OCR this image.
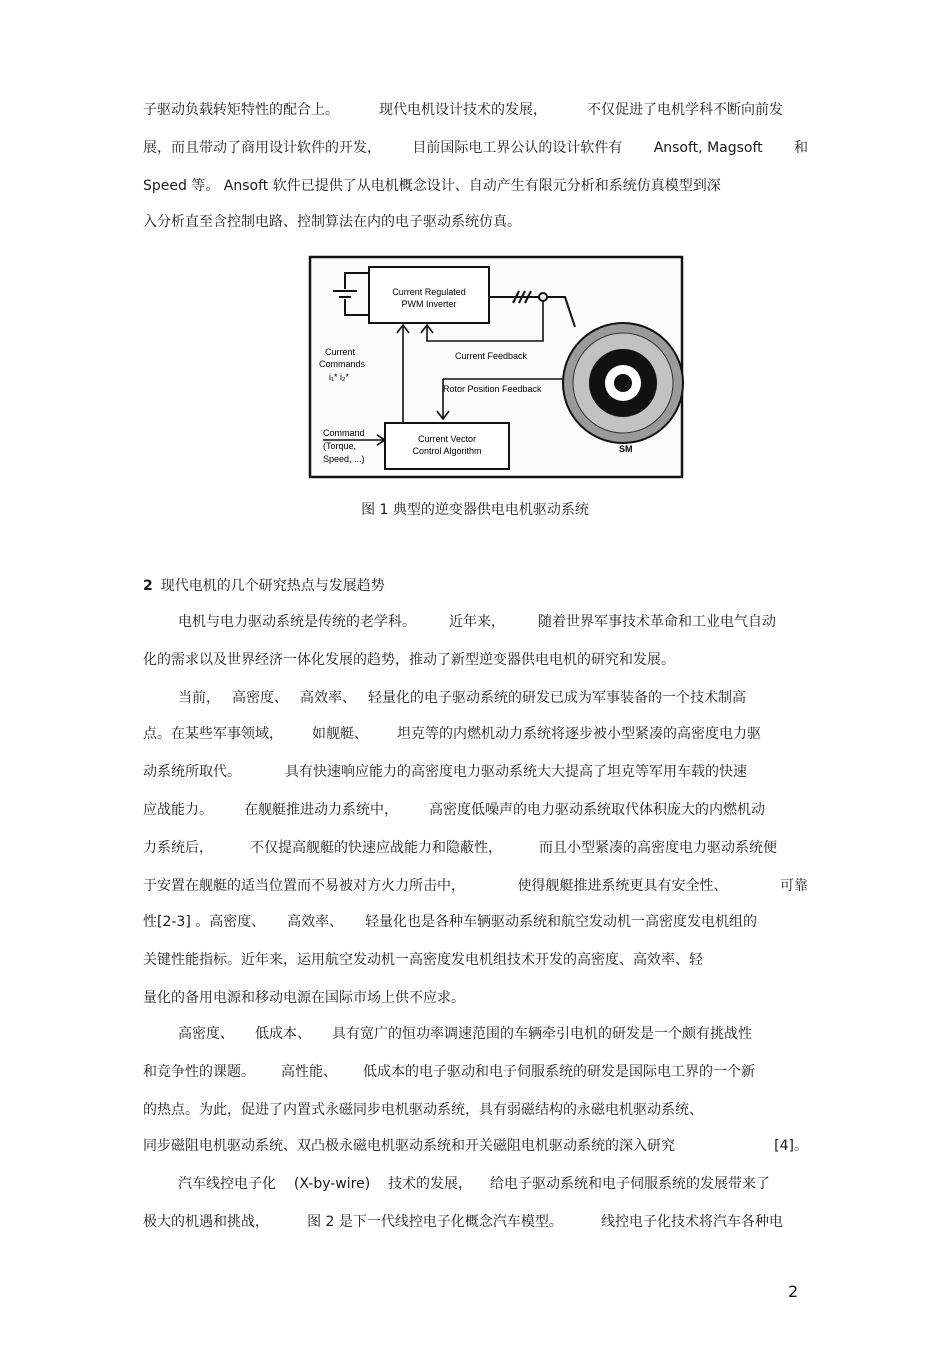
子驱动负载转矩特性的配合上。	现代电机设计技术的发展，	不仅促进了电机学科不断向前发
展，而且带动了商用设计软件的开发， 目前国际电工界公认的设计软件有 Ansoft, Magsoft 和
Speed 等。 Ansoft 软件已提供了从电机概念设计、自动产生有限元分析和系统仿真模型到深
入分析直至含控制电路、控制算法在内的电子驱动系统仿真。
Current Regulated
PWM Inverter
Current Feedback
Rotor Position Feedback
Current
Commands
i₁* i₂*
Command
(Torque,
Speed, ...)
Current Vector
Control Algorithm	SM
图 1 典型的逆变器供电电机驱动系统
2 现代电机的几个研究热点与发展趋势
电机与电力驱动系统是传统的老学科。 近年来， 随着世界军事技术革命和工业电气自动
化的需求以及世界经济一体化发展的趋势，推动了新型逆变器供电电机的研究和发展。
当前， 高密度、 高效率、 轻量化的电子驱动系统的研发已成为军事装备的一个技术制高
点。在某些军事领域， 如舰艇、 坦克等的内燃机动力系统将逐步被小型紧凑的高密度电力驱
动系统所取代。	具有快速响应能力的高密度电力驱动系统大大提高了坦克等军用车载的快速
应战能力。 在舰艇推进动力系统中， 高密度低噪声的电力驱动系统取代体积庞大的内燃机动
力系统后，	不仅提高舰艇的快速应战能力和隐蔽性，	而且小型紧凑的高密度电力驱动系统便
于安置在舰艇的适当位置而不易被对方火力所击中，	使得舰艇推进系统更具有安全性、	可靠
性[2-3] 。高密度、 高效率、 轻量化也是各种车辆驱动系统和航空发动机一高密度发电机组的
关键性能指标。近年来，运用航空发动机一高密度发电机组技术开发的高密度、高效率、轻
量化的备用电源和移动电源在国际市场上供不应求。
高密度、 低成本、 具有宽广的恒功率调速范围的车辆牵引电机的研发是一个颇有挑战性
和竞争性的课题。 高性能、 低成本的电子驱动和电子伺服系统的研发是国际电工界的一个新
的热点。为此，促进了内置式永磁同步电机驱动系统，具有弱磁结构的永磁电机驱动系统、
同步磁阻电机驱动系统、双凸极永磁电机驱动系统和开关磁阻电机驱动系统的深入研究	[4]。
汽车线控电子化 (X-by-wire) 技术的发展， 给电子驱动系统和电子伺服系统的发展带来了
极大的机遇和挑战，	图 2 是下一代线控电子化概念汽车模型。	线控电子化技术将汽车各种电
2
